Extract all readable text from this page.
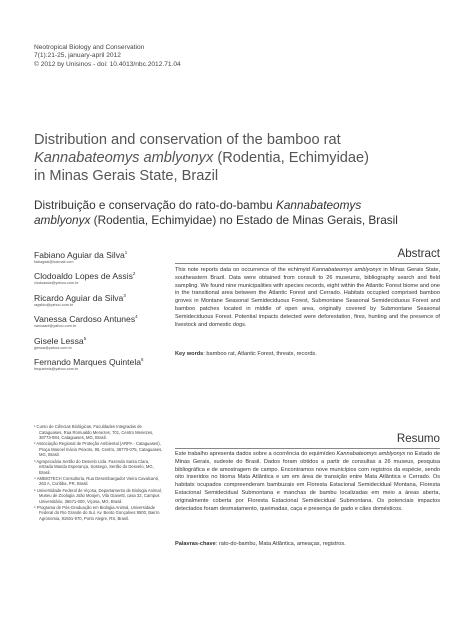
Neotropical Biology and Conservation
7(1):21-25, january-april 2012
© 2012 by Unisinos - doi: 10.4013/nbc.2012.71.04
Distribution and conservation of the bamboo rat
Kannabateomys amblyonyx (Rodentia, Echimyidae)
in Minas Gerais State, Brazil
Distribuição e conservação do rato-do-bambu Kannabateomys
amblyonyx (Rodentia, Echimyidae) no Estado de Minas Gerais, Brasil
Fabiano Aguiar da Silva$^1$
fadiagsai@hotmail.com
Clodoaldo Lopes de Assis$^2$
clodoassis@yahoo.com.br
Ricardo Aguiar da Silva$^3$
ragsbio@yahoo.com.br
Vanessa Cardoso Antunes$^4$
vancaant@yahoo.com.br
Gisele Lessa$^5$
glessa@yahoo.com.br
Fernando Marques Quintela$^6$
fmquintela@yahoo.com.br
¹ Curso de Ciências Biológicas, Faculdades Integradas de Cataguases, Rua Romualdo Menezes, 701, Centro Menezes, 36773-084, Cataguases, MG, Brasil.
² Associação Regional de Proteção Ambiental (ARPA - Cataguases), Praça Manoel Inácio Peixoto, 95, Centro, 36770-075, Cataguases, MG, Brasil.
³ Agropecuária Sertão do Desvelo Ltda. Fazenda Santa Clara, estrada Manda Esperança, Sossego, Sertão do Desvelo, MG, Brasil.
⁴ AMBIOTECH Consultoria, Rua Desembargador Vieira Cavalcanti, 263 A, Curitiba, PR, Brasil.
⁵ Universidade Federal de Viçosa, Departamento de Biologia Animal, Museu de Zoologia João Moojen, Vila Gianetti, casa 32, Campus Universitário, 36571-000, Viçosa, MG, Brasil.
⁶ Programa de Pós-Graduação em Biologia Animal, Universidade Federal do Rio Grande do Sul. Av. Bento Gonçalves 9500, Bairro Agronomia, 91501-970, Porto Alegre, RS, Brasil.
Abstract
This note reports data on occurrence of the echimyid Kannabateomys amblyonyx in Minas Gerais State, southeastern Brazil. Data were obtained from consult to 26 museums, bibliography search and field sampling. We found nine municipalities with species records, eight within the Atlantic Forest biome and one in the transitional area between the Atlantic Forest and Cerrado. Habitats occupied comprised bamboo groves in Montane Seasonal Semideciduous Forest, Submontane Seasonal Semideciduous Forest and bamboo patches located in middle of open area, originally covered by Submontane Seasonal Semideciduous Forest. Potential impacts detected were deforestation, fires, hunting and the presence of livestock and domestic dogs.
Key words: bamboo rat, Atlantic Forest, threats, records.
Resumo
Este trabalho apresenta dados sobre a ocorrência do equimídeo Kannabateomys amblyonyx no Estado de Minas Gerais, sudeste do Brasil. Dados foram obtidos a partir de consultas a 26 museus, pesquisa bibliográfica e de amostragem de campo. Encontramos nove municípios com registros da espécie, sendo oito inseridos no bioma Mata Atlântica e um em área de transição entre Mata Atlântica e Cerrado. Os habitats ocupados compreenderam bambuzais em Floresta Estacional Semidecidual Montana, Floresta Estacional Semidecidual Submontana e manchas de bambu localizadas em meio a áreas aberta, originalmente coberta por Floresta Estacional Semidecidual Submontana. Os potenciais impactos detectados foram desmatamento, queimadas, caça e presença de gado e cães domésticos.
Palavras-chave: rato-do-bambu, Mata Atlântica, ameaças, registros.
